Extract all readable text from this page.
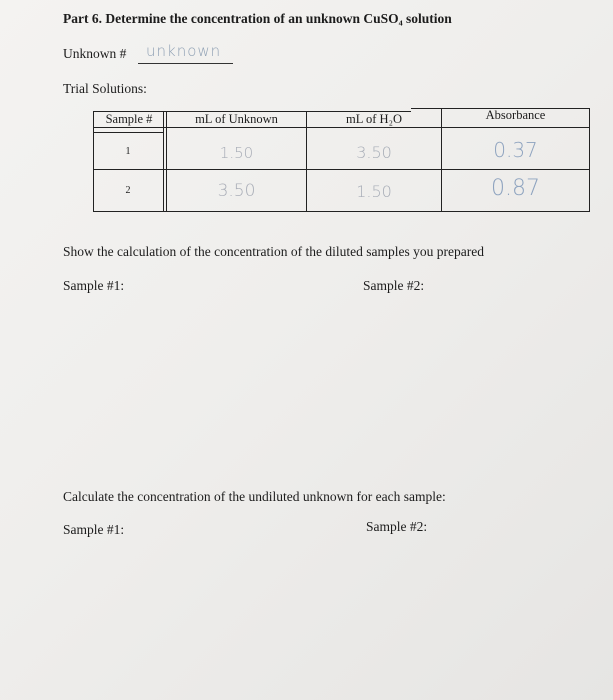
Part 6. Determine the concentration of an unknown CuSO₄ solution
Unknown # unknown
Trial Solutions:
Sample #	mL of Unknown	mL of H₂O	Absorbance
1	1.50	3.50	0.37
2	3.50	1.50	0.87
Show the calculation of the concentration of the diluted samples you prepared
Sample #1:	Sample #2:
Calculate the concentration of the undiluted unknown for each sample:
Sample #1:	Sample #2:
